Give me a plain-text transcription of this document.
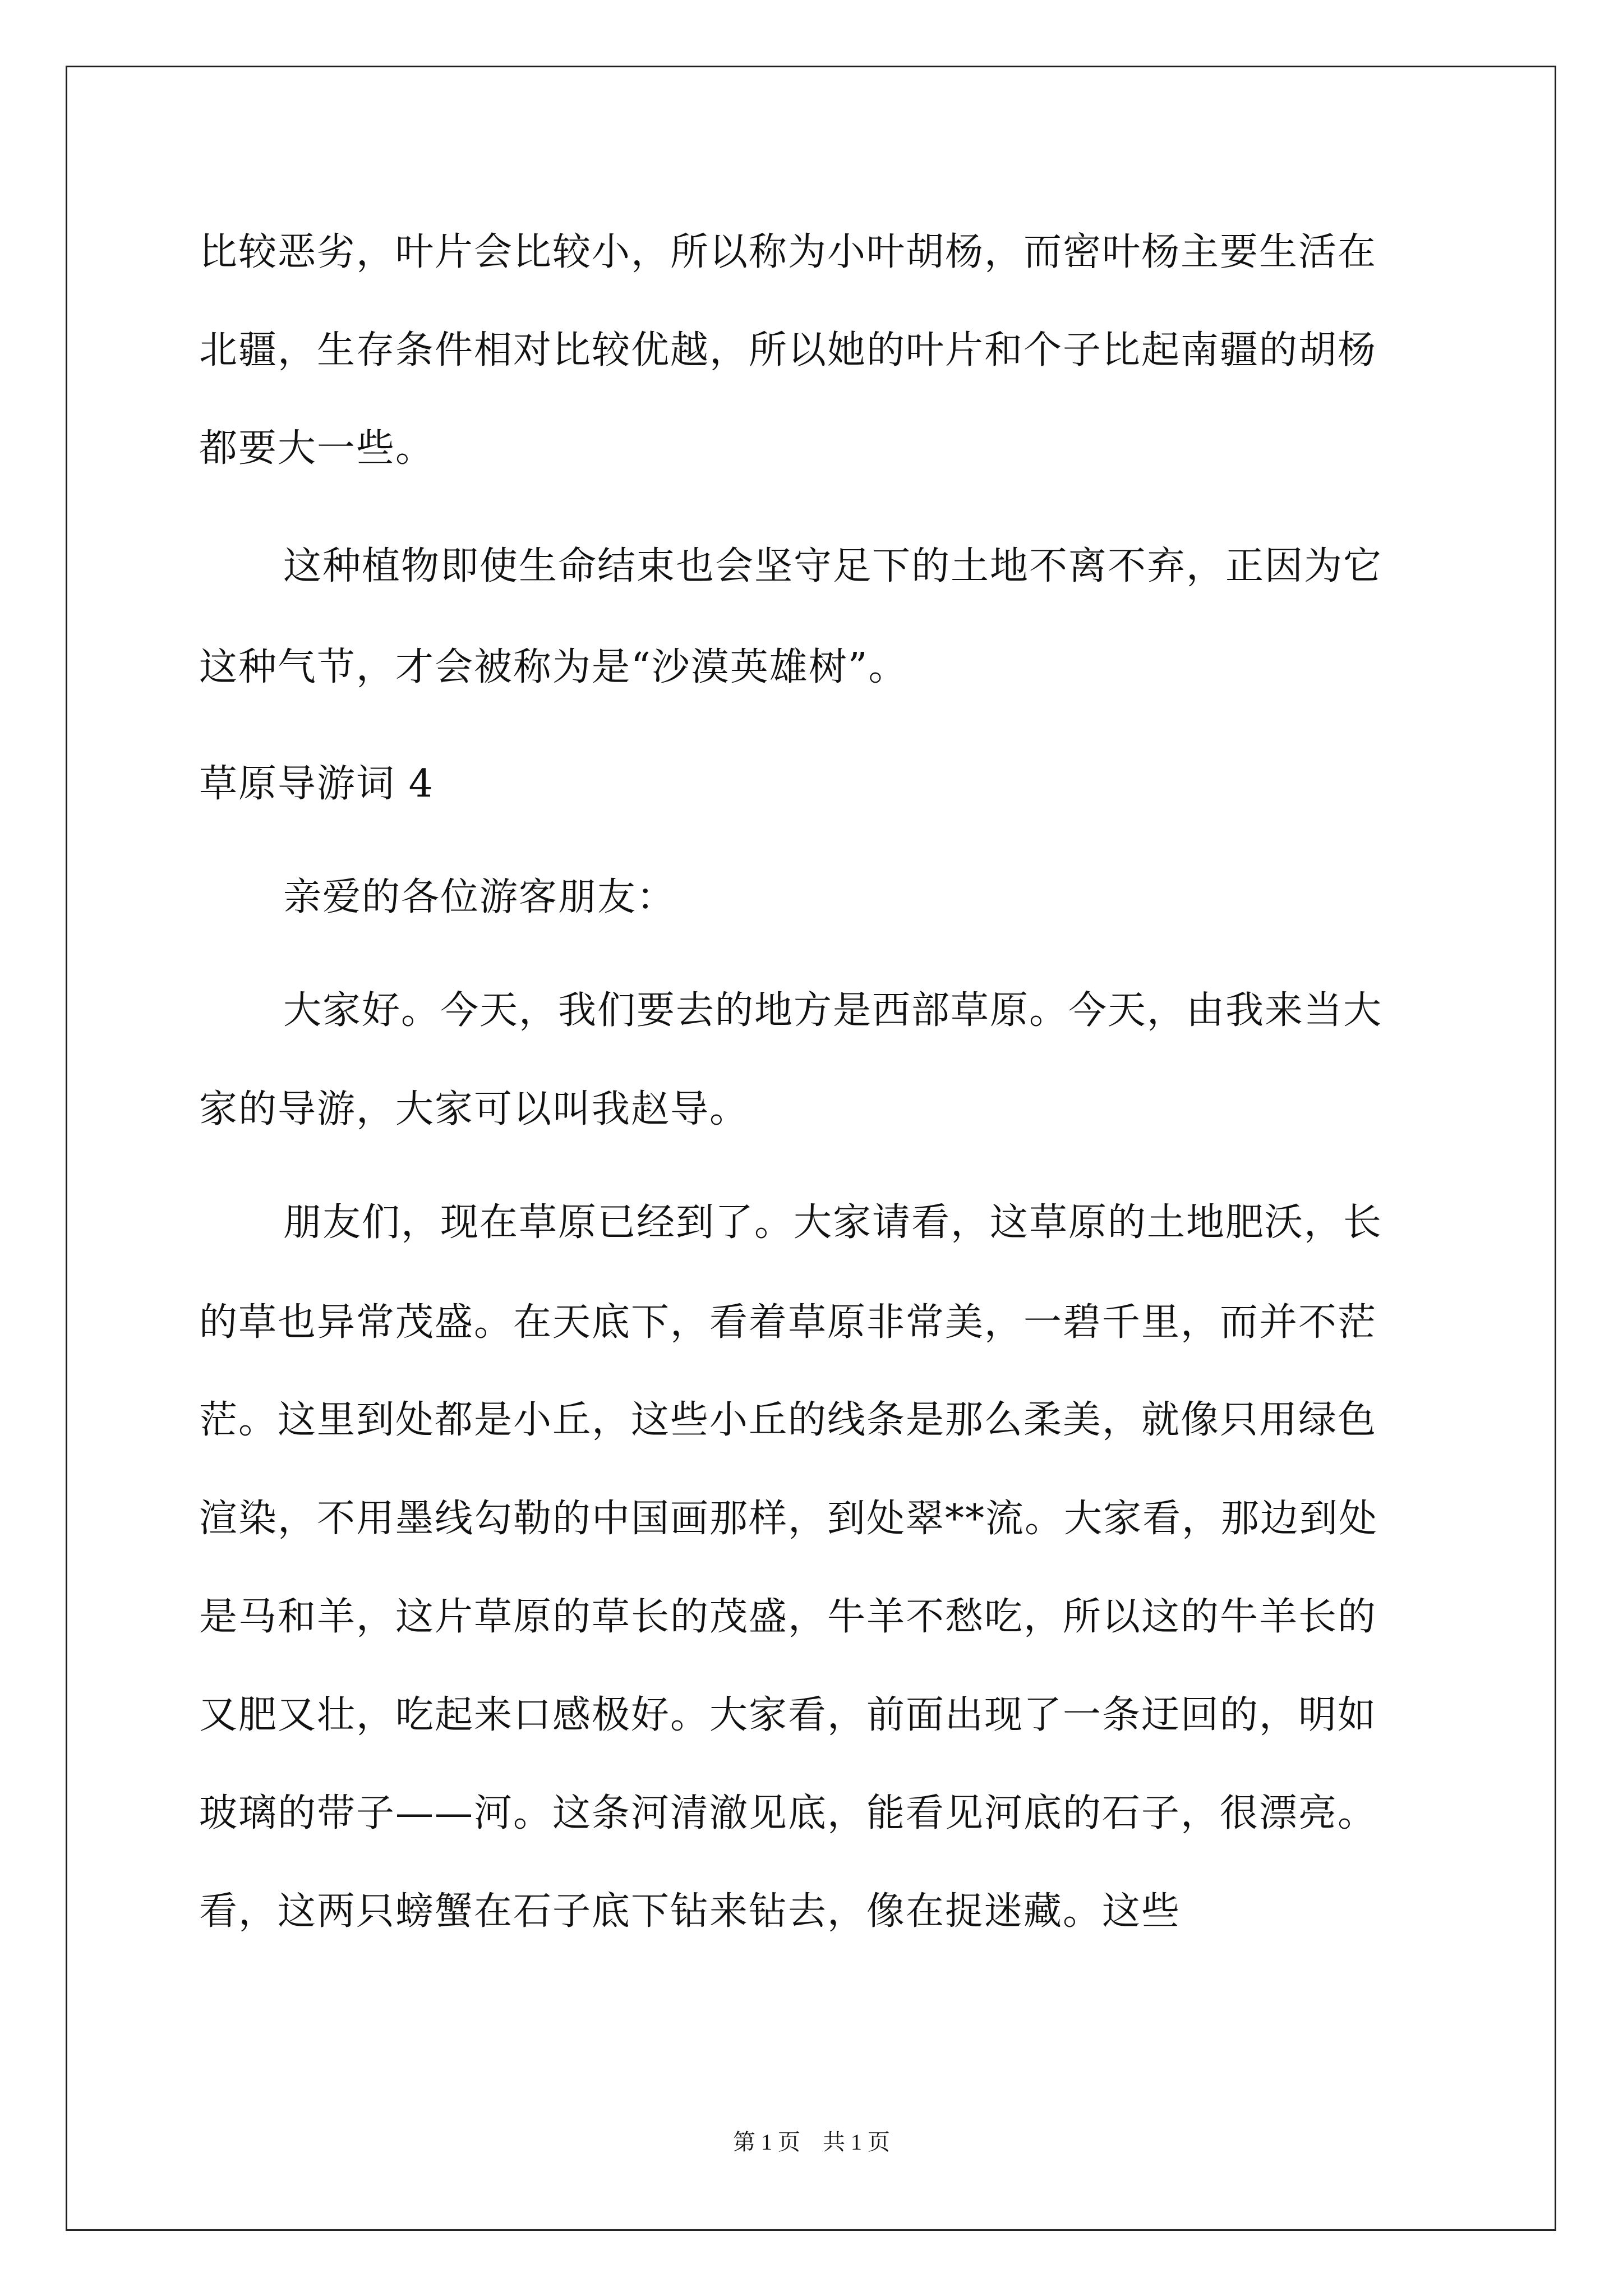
比较恶劣，叶片会比较小，所以称为小叶胡杨，而密叶杨主要生活在
北疆，生存条件相对比较优越，所以她的叶片和个子比起南疆的胡杨
都要大一些。
这种植物即使生命结束也会坚守足下的土地不离不弃，正因为它
这种气节，才会被称为是“沙漠英雄树”。
草原导游词 4
亲爱的各位游客朋友：
大家好。今天，我们要去的地方是西部草原。今天，由我来当大
家的导游，大家可以叫我赵导。
朋友们，现在草原已经到了。大家请看，这草原的土地肥沃，长
的草也异常茂盛。在天底下，看着草原非常美，一碧千里，而并不茫
茫。这里到处都是小丘，这些小丘的线条是那么柔美，就像只用绿色
渲染，不用墨线勾勒的中国画那样，到处翠**流。大家看，那边到处
是马和羊，这片草原的草长的茂盛，牛羊不愁吃，所以这的牛羊长的
又肥又壮，吃起来口感极好。大家看，前面出现了一条迂回的，明如
玻璃的带子——河。这条河清澈见底，能看见河底的石子，很漂亮。
看，这两只螃蟹在石子底下钻来钻去，像在捉迷藏。这些
第 1 页　共 1 页
